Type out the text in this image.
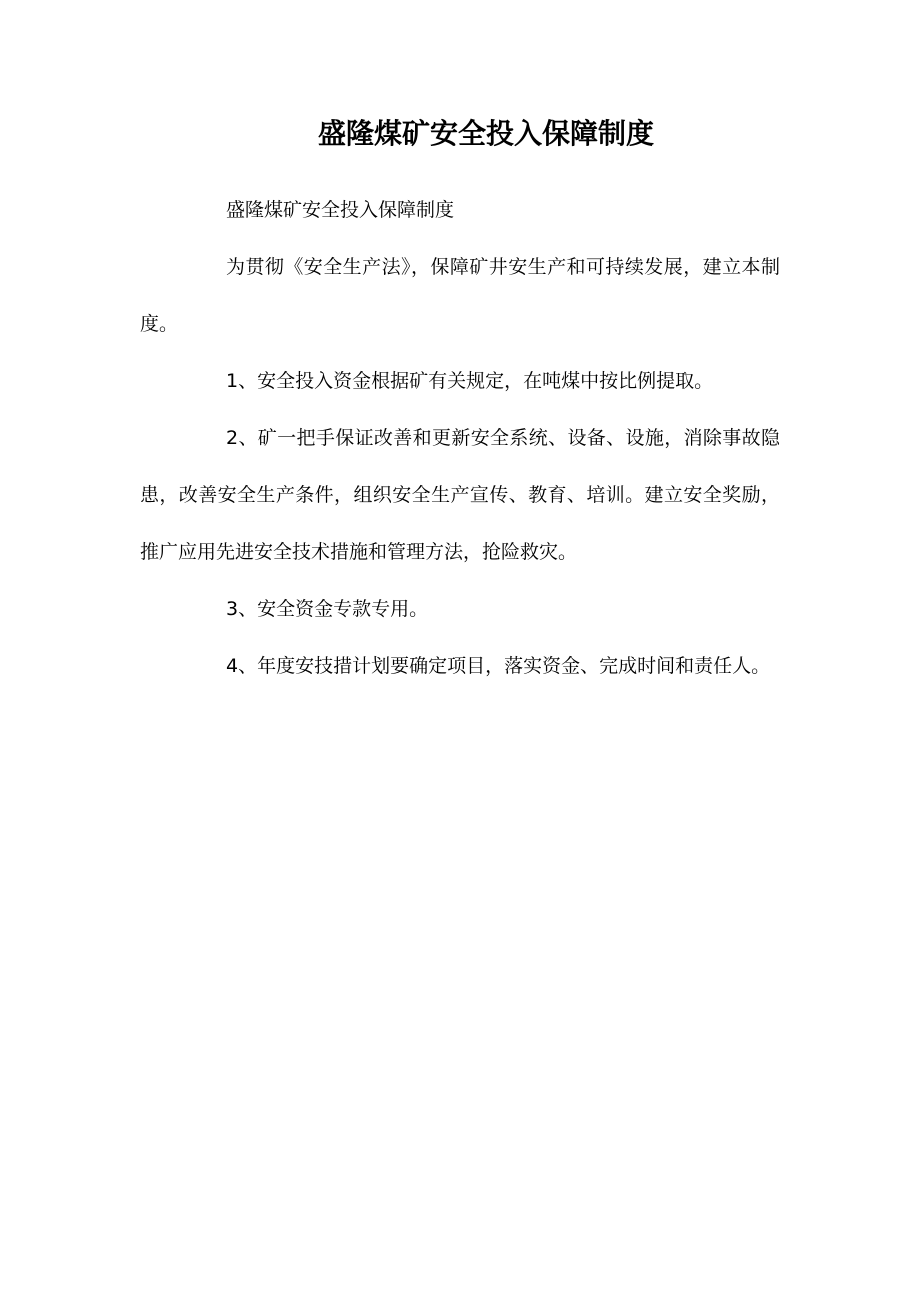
盛隆煤矿安全投入保障制度

盛隆煤矿安全投入保障制度

为贯彻《安全生产法》，保障矿井安生产和可持续发展，建立本制度。

1、安全投入资金根据矿有关规定，在吨煤中按比例提取。

2、矿一把手保证改善和更新安全系统、设备、设施，消除事故隐患，改善安全生产条件，组织安全生产宣传、教育、培训。建立安全奖励，推广应用先进安全技术措施和管理方法，抢险救灾。

3、安全资金专款专用。

4、年度安技措计划要确定项目，落实资金、完成时间和责任人。
